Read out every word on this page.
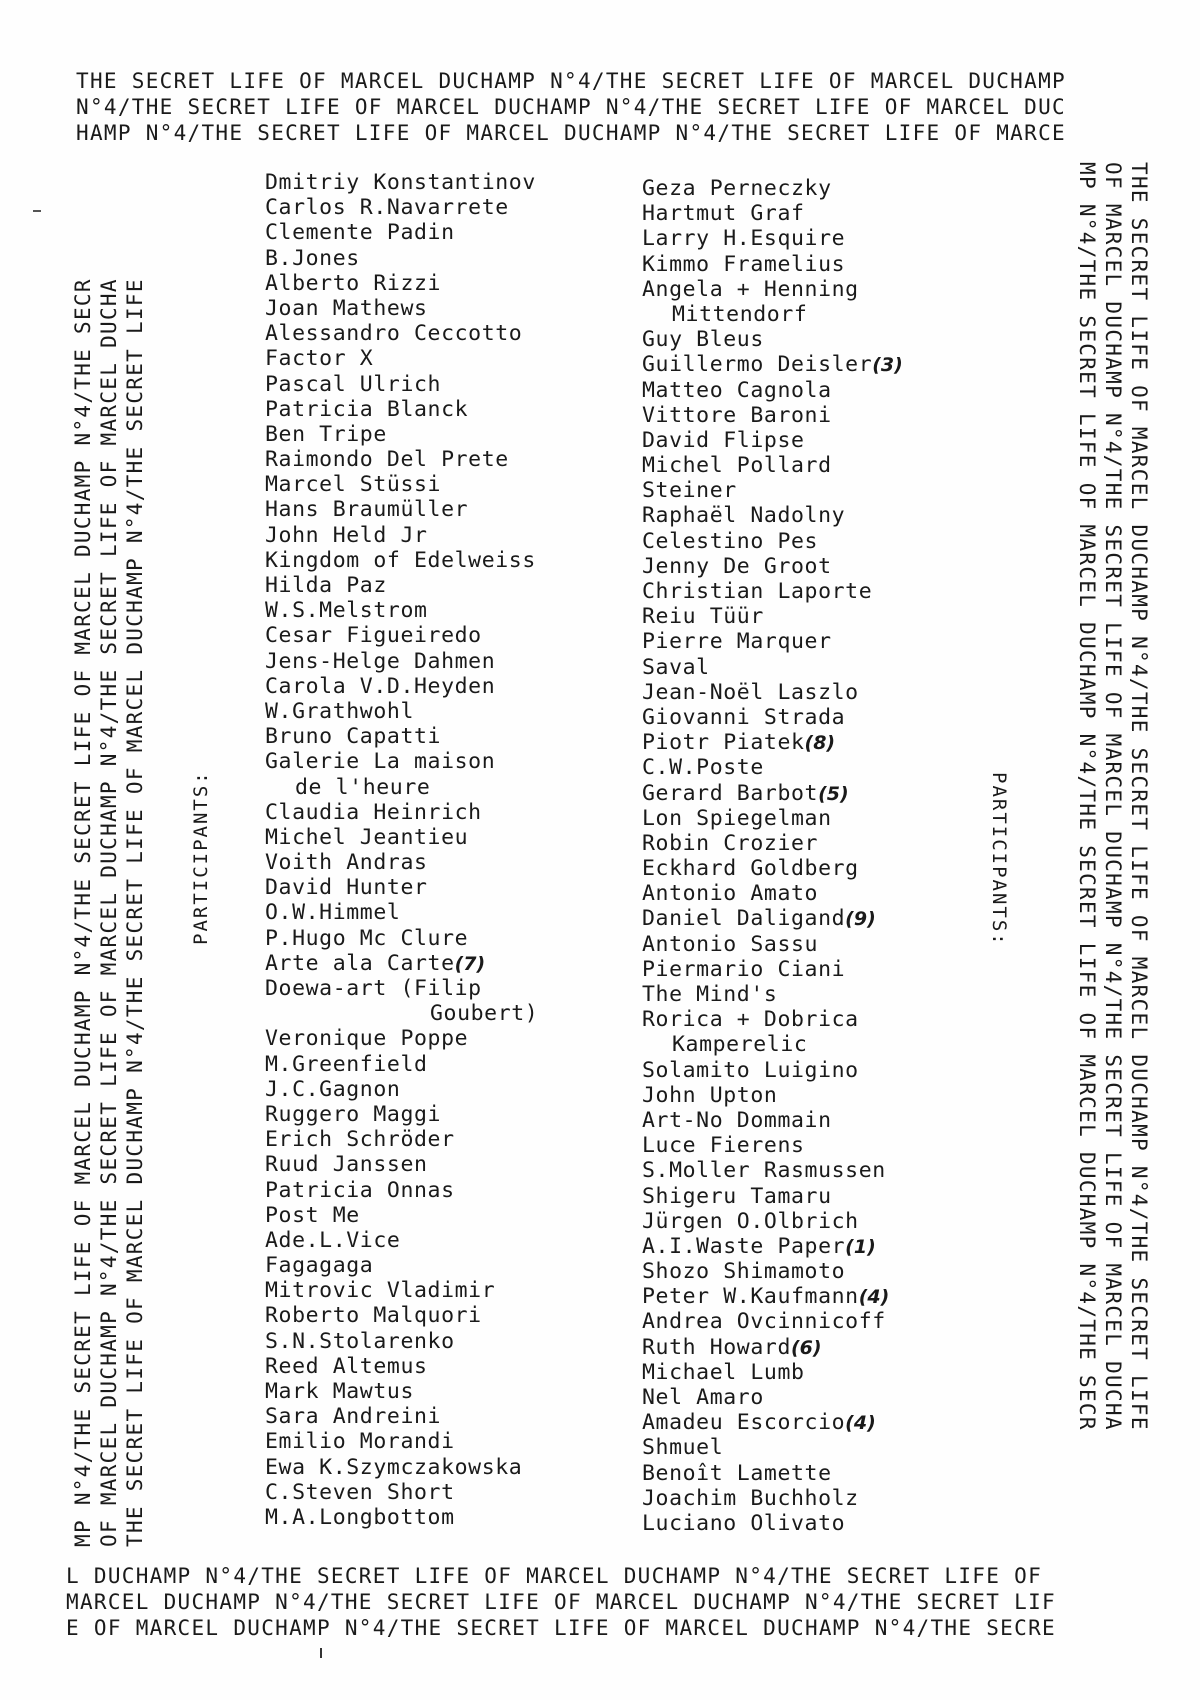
THE SECRET LIFE OF MARCEL DUCHAMP N°4/THE SECRET LIFE OF MARCEL DUCHAMP
N°4/THE SECRET LIFE OF MARCEL DUCHAMP N°4/THE SECRET LIFE OF MARCEL DUC
HAMP N°4/THE SECRET LIFE OF MARCEL DUCHAMP N°4/THE SECRET LIFE OF MARCE
MP N°4/THE SECRET LIFE OF MARCEL DUCHAMP N°4/THE SECRET LIFE OF MARCEL DUCHAMP N°4/THE SECR OF MARCEL DUCHAMP N°4/THE SECRET LIFE OF MARCEL DUCHAMP N°4/THE SECRET LIFE OF MARCEL DUCHA THE SECRET LIFE OF MARCEL DUCHAMP N°4/THE SECRET LIFE OF MARCEL DUCHAMP N°4/THE SECRET LIFE	THE SECRET LIFE OF MARCEL DUCHAMP N°4/THE SECRET LIFE OF MARCEL DUCHAMP N°4/THE SECRET LIFE
OF MARCEL DUCHAMP N°4/THE SECRET LIFE OF MARCEL DUCHAMP N°4/THE SECRET LIFE OF MARCEL DUCHA
MP N°4/THE SECRET LIFE OF MARCEL DUCHAMP N°4/THE SECRET LIFE OF MARCEL DUCHAMP N°4/THE SECR
PARTICIPANTS:	PARTICIPANTS:
Dmitriy Konstantinov
Carlos R.Navarrete
Clemente Padin
B.Jones
Alberto Rizzi
Joan Mathews
Alessandro Ceccotto
Factor X
Pascal Ulrich
Patricia Blanck
Ben Tripe
Raimondo Del Prete
Marcel Stüssi
Hans Braumüller
John Held Jr
Kingdom of Edelweiss
Hilda Paz
W.S.Melstrom
Cesar Figueiredo
Jens-Helge Dahmen
Carola V.D.Heyden
W.Grathwohl
Bruno Capatti
Galerie La maison
de l'heure
Claudia Heinrich
Michel Jeantieu
Voith Andras
David Hunter
O.W.Himmel
P.Hugo Mc Clure
Arte ala Carte(7)
Doewa-art (Filip
Goubert)
Veronique Poppe
M.Greenfield
J.C.Gagnon
Ruggero Maggi
Erich Schröder
Ruud Janssen
Patricia Onnas
Post Me
Ade.L.Vice
Fagagaga
Mitrovic Vladimir
Roberto Malquori
S.N.Stolarenko
Reed Altemus
Mark Mawtus
Sara Andreini
Emilio Morandi
Ewa K.Szymczakowska
C.Steven Short
M.A.Longbottom
Geza Perneczky
Hartmut Graf
Larry H.Esquire
Kimmo Framelius
Angela + Henning
Mittendorf
Guy Bleus
Guillermo Deisler(3)
Matteo Cagnola
Vittore Baroni
David Flipse
Michel Pollard
Steiner
Raphaël Nadolny
Celestino Pes
Jenny De Groot
Christian Laporte
Reiu Tüür
Pierre Marquer
Saval
Jean-Noël Laszlo
Giovanni Strada
Piotr Piatek(8)
C.W.Poste
Gerard Barbot(5)
Lon Spiegelman
Robin Crozier
Eckhard Goldberg
Antonio Amato
Daniel Daligand(9)
Antonio Sassu
Piermario Ciani
The Mind's
Rorica + Dobrica
Kamperelic
Solamito Luigino
John Upton
Art-No Dommain
Luce Fierens
S.Moller Rasmussen
Shigeru Tamaru
Jürgen O.Olbrich
A.I.Waste Paper(1)
Shozo Shimamoto
Peter W.Kaufmann(4)
Andrea Ovcinnicoff
Ruth Howard(6)
Michael Lumb
Nel Amaro
Amadeu Escorcio(4)
Shmuel
Benoît Lamette
Joachim Buchholz
Luciano Olivato
L DUCHAMP N°4/THE SECRET LIFE OF MARCEL DUCHAMP N°4/THE SECRET LIFE OF
MARCEL DUCHAMP N°4/THE SECRET LIFE OF MARCEL DUCHAMP N°4/THE SECRET LIF
E OF MARCEL DUCHAMP N°4/THE SECRET LIFE OF MARCEL DUCHAMP N°4/THE SECRE
